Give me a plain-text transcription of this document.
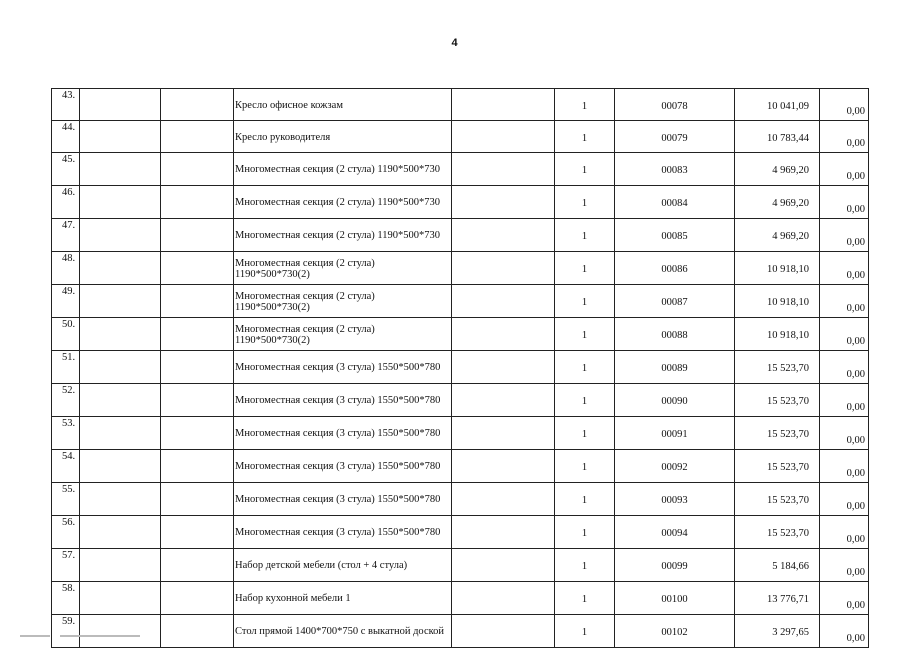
4
43.			Кресло офисное кожзам		1	00078	10 041,09	0,00
44.			Кресло руководителя		1	00079	10 783,44	0,00
45.			Многоместная секция (2 стула) 1190*500*730		1	00083	4 969,20	0,00
46.			Многоместная секция (2 стула) 1190*500*730		1	00084	4 969,20	0,00
47.			Многоместная секция (2 стула) 1190*500*730		1	00085	4 969,20	0,00
48.			Многоместная секция (2 стула) 1190*500*730(2)		1	00086	10 918,10	0,00
49.			Многоместная секция (2 стула) 1190*500*730(2)		1	00087	10 918,10	0,00
50.			Многоместная секция (2 стула) 1190*500*730(2)		1	00088	10 918,10	0,00
51.			Многоместная секция (3 стула) 1550*500*780		1	00089	15 523,70	0,00
52.			Многоместная секция (3 стула) 1550*500*780		1	00090	15 523,70	0,00
53.			Многоместная секция (3 стула) 1550*500*780		1	00091	15 523,70	0,00
54.			Многоместная секция (3 стула) 1550*500*780		1	00092	15 523,70	0,00
55.			Многоместная секция (3 стула) 1550*500*780		1	00093	15 523,70	0,00
56.			Многоместная секция (3 стула) 1550*500*780		1	00094	15 523,70	0,00
57.			Набор детской мебели (стол + 4 стула)		1	00099	5 184,66	0,00
58.			Набор кухонной мебели 1		1	00100	13 776,71	0,00
59.			Стол прямой 1400*700*750 с выкатной доской		1	00102	3 297,65	0,00
